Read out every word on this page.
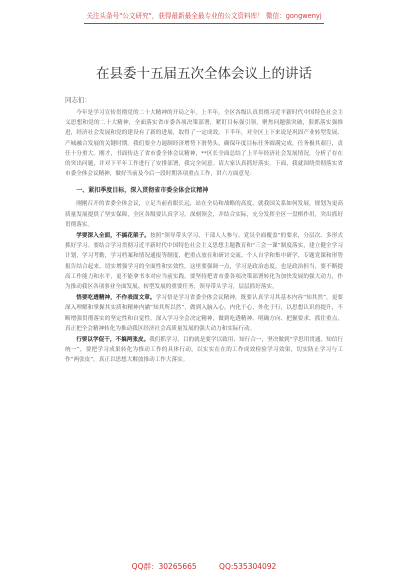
关注头条号"公文研究"，获得最新最全最专业的公文资料库！ 微信：gongwenyj
在县委十五届五次全体会议上的讲话
同志们：

今年是学习宣传贯彻党的二十大精神的开局之年。上半年，全区各级认真贯彻习近平新时代中国特色社会主义思想和党的二十大精神，全面落实省市委各项决策部署，紧盯目标强引领，聚焦问题强突破，狠抓落实强推进，经济社会发展和党的建设有了新的进展，取得了一定成效。下半年，对全区上下来说是巩固产业转型发展、产城融合发展的关键时期。我们要全力遏制经济增势下滑势头，确保年度目标任务圆满完成，任务极其艰巨，责任十分重大。刚才，书面传达了省市委全体会议精神，**区长全面总结了上半年经济社会发展情况，分析了存在的突出问题，并对下半年工作进行了安排部署，我完全同意。请大家认真抓好落实。下面，我就围绕贯彻落实省市委全体会议精神，做好当前及今后一段时期各项重点工作，讲六方面意见：

一、紧扣季度目标，深入贯彻省市委全体会议精神

刚刚召开的省委全体会议，立足当前看眼长远，站在全局和战略的高度，就我国关系如何发展，规划为更高质量发展提供了坚实保障，全区各级要认真学习，深刻领会，并结合实际，充分发挥全区一盘棋作用，突出抓好贯彻落实。

学要深入全面，不搞花架子。按照“领导带头学习、干部人人参与、党员全面覆盖”的要求，分层次、多形式抓好学习。要结合学习贯彻习近平新时代中国特色社会主义思想主题教育和“三会一课”制度落实，建立健全学习计划，学习考勤，学习档案和情况通报等制度，把重点放在和研讨交流、个人自学和集中研学、专题党课和形势报告结合起来，切实增强学习的全面性和实效性。这里要强调一点，学习是政治态度，也是政治担当，要不断提高工作能力和水平，更不能拿书本对应当前实践，要坚持把省市委各项决策部署转化为加快发展的强大动力，作为推动我区各项事业全面发展、转型发展的重要任务，领导带头学习，层层抓好落实。

悟要吃透精神，不作表面文章。学习悟是学习省委全体会议精神，既要认真学习其基本内容“知其然”，更要深入理解和掌握其实质和精神内涵“知其所以然”，做到入脑入心，内化于心、外化于行，以思想认识的提升，不断增强贯彻落实的坚定性和自觉性。深入学习全会决定精神，做到吃透精神、明确方向、把握要求、抓住重点，真正把全会精神转化为推动我区经济社会高质量发展的强大动力和实际行动。

行要以学促干，不搞两张皮。我们抓学习，目的就是要学以致用、知行合一，坚决做到“学思用贯通、知信行统一”，要把学习成果转化为推动工作的具体行动，以实实在在的工作成效检验学习效果，切实防止学习与工作“两张皮”，真正以思想大解放推动工作大落实。

QQ群：30265665	QQ:535304092
